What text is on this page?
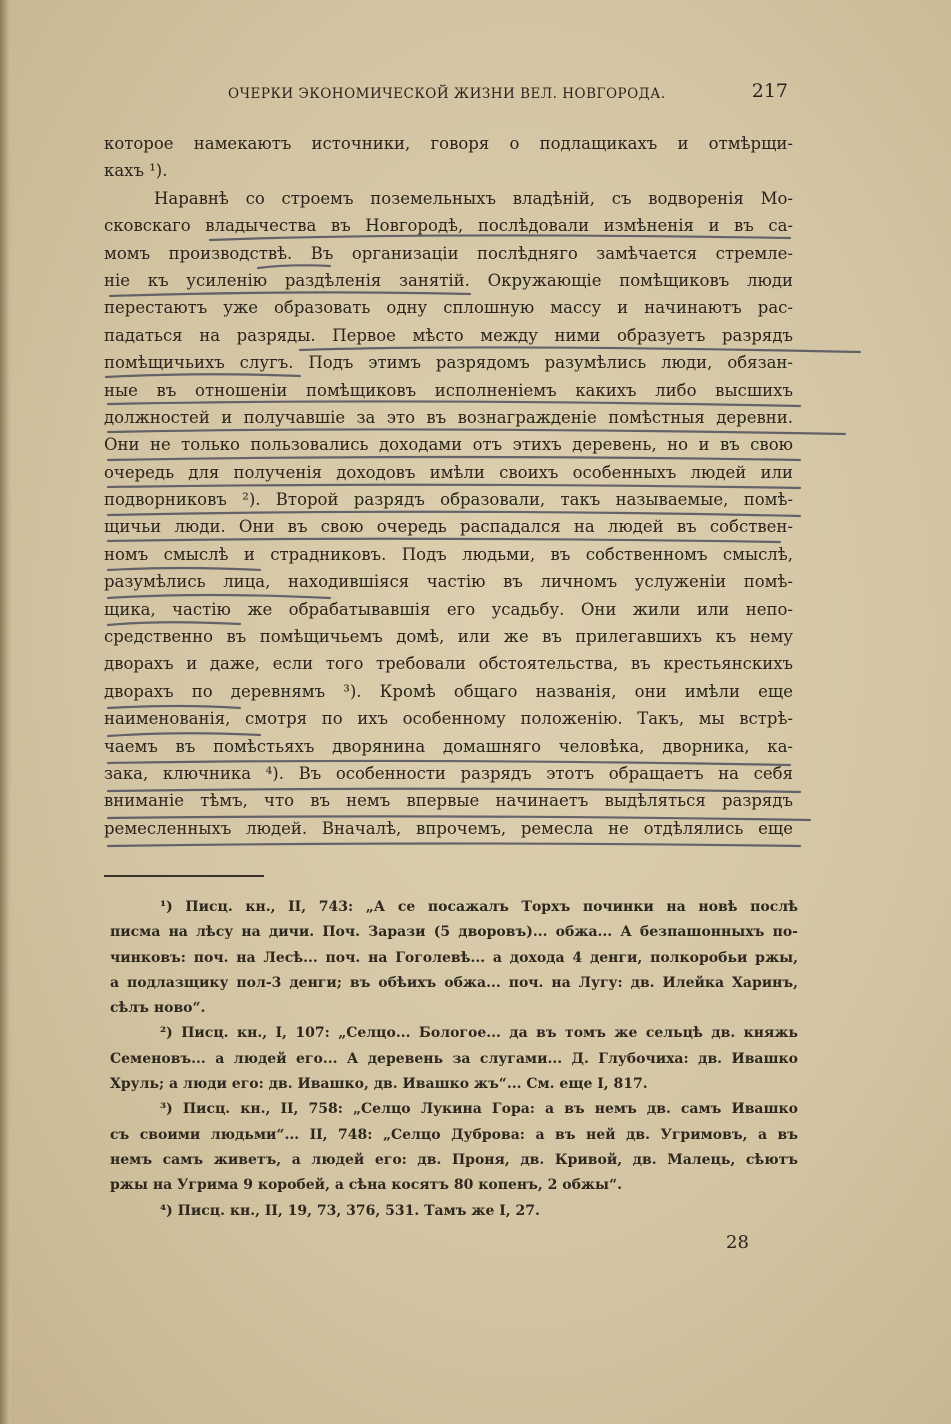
ОЧЕРКИ ЭКОНОМИЧЕСКОЙ ЖИЗНИ ВЕЛ. НОВГОРОДА.	217
которое намекаютъ источники, говоря о подлащикахъ и отмѣрщи-
кахъ ¹).
Наравнѣ со строемъ поземельныхъ владѣній, съ водворенія Мо-
сковскаго владычества въ Новгородѣ, послѣдовали измѣненія и въ са-
момъ производствѣ. Въ организаціи послѣдняго замѣчается стремле-
ніе къ усиленію раздѣленія занятій. Окружающіе помѣщиковъ люди
перестаютъ уже образовать одну сплошную массу и начинаютъ рас-
падаться на разряды. Первое мѣсто между ними образуетъ разрядъ
помѣщичьихъ слугъ. Подъ этимъ разрядомъ разумѣлись люди, обязан-
ные въ отношеніи помѣщиковъ исполненіемъ какихъ либо высшихъ
должностей и получавшіе за это въ вознагражденіе помѣстныя деревни.
Они не только пользовались доходами отъ этихъ деревень, но и въ свою
очередь для полученія доходовъ имѣли своихъ особенныхъ людей или
подворниковъ ²). Второй разрядъ образовали, такъ называемые, помѣ-
щичьи люди. Они въ свою очередь распадался на людей въ собствен-
номъ смыслѣ и страдниковъ. Подъ людьми, въ собственномъ смыслѣ,
разумѣлись лица, находившіяся частію въ личномъ услуженіи помѣ-
щика, частію же обрабатывавшія его усадьбу. Они жили или непо-
средственно въ помѣщичьемъ домѣ, или же въ прилегавшихъ къ нему
дворахъ и даже, если того требовали обстоятельства, въ крестьянскихъ
дворахъ по деревнямъ ³). Кромѣ общаго названія, они имѣли еще
наименованія, смотря по ихъ особенному положенію. Такъ, мы встрѣ-
чаемъ въ помѣстьяхъ дворянина домашняго человѣка, дворника, ка-
зака, ключника ⁴). Въ особенности разрядъ этотъ обращаетъ на себя
вниманіе тѣмъ, что въ немъ впервые начинаетъ выдѣляться разрядъ
ремесленныхъ людей. Вначалѣ, впрочемъ, ремесла не отдѣлялись еще
¹) Писц. кн., II, 743: „А се посажалъ Торхъ починки на новѣ послѣ
писма на лѣсу на дичи. Поч. Зарази (5 дворовъ)... обжа... А безпашонныхъ по-
чинковъ: поч. на Лесѣ... поч. на Гоголевѣ... а дохода 4 денги, полкоробьи ржы,
а подлазщику пол-3 денги; въ обѣихъ обжа... поч. на Лугу: дв. Илейка Харинъ,
сѣлъ ново“.
²) Писц. кн., I, 107: „Селцо... Бологое... да въ томъ же сельцѣ дв. княжь
Семеновъ... а людей его... А деревень за слугами... Д. Глубочиха: дв. Ивашко
Хруль; а люди его: дв. Ивашко, дв. Ивашко жъ“... См. еще I, 817.
³) Писц. кн., II, 758: „Селцо Лукина Гора: а въ немъ дв. самъ Ивашко
съ своими людьми“... II, 748: „Селцо Дуброва: а въ ней дв. Угримовъ, а въ
немъ самъ живетъ, а людей его: дв. Проня, дв. Кривой, дв. Малець, сѣютъ
ржы на Угрима 9 коробей, а сѣна косятъ 80 копенъ, 2 обжы“.
⁴) Писц. кн., II, 19, 73, 376, 531. Тамъ же I, 27.
28
